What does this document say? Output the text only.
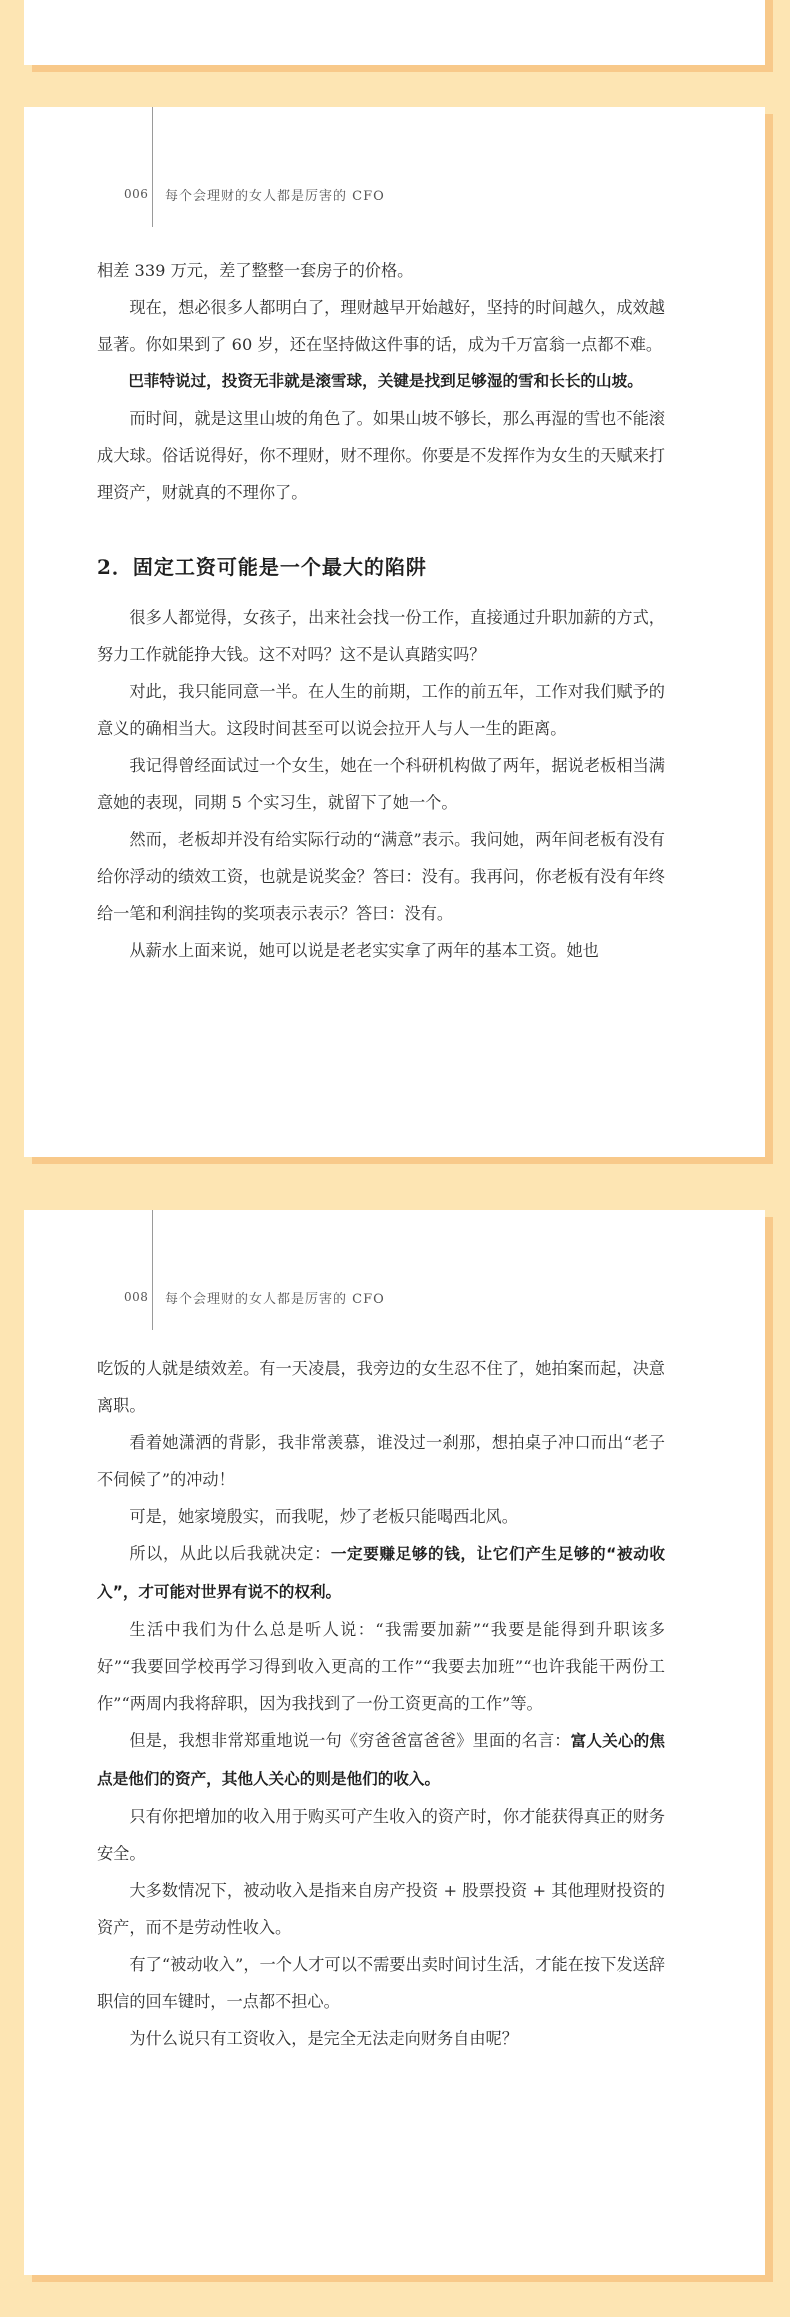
006 每个会理财的女人都是厉害的 CFO

相差 339 万元，差了整整一套房子的价格。

现在，想必很多人都明白了，理财越早开始越好，坚持的时间越久，成效越显著。你如果到了 60 岁，还在坚持做这件事的话，成为千万富翁一点都不难。

巴菲特说过，投资无非就是滚雪球，关键是找到足够湿的雪和长长的山坡。

而时间，就是这里山坡的角色了。如果山坡不够长，那么再湿的雪也不能滚成大球。俗话说得好，你不理财，财不理你。你要是不发挥作为女生的天赋来打理资产，财就真的不理你了。

2．固定工资可能是一个最大的陷阱

很多人都觉得，女孩子，出来社会找一份工作，直接通过升职加薪的方式，努力工作就能挣大钱。这不对吗？这不是认真踏实吗？

对此，我只能同意一半。在人生的前期，工作的前五年，工作对我们赋予的意义的确相当大。这段时间甚至可以说会拉开人与人一生的距离。

我记得曾经面试过一个女生，她在一个科研机构做了两年，据说老板相当满意她的表现，同期 5 个实习生，就留下了她一个。

然而，老板却并没有给实际行动的“满意”表示。我问她，两年间老板有没有给你浮动的绩效工资，也就是说奖金？答曰：没有。我再问，你老板有没有年终给一笔和利润挂钩的奖项表示表示？答曰：没有。

从薪水上面来说，她可以说是老老实实拿了两年的基本工资。她也

008 每个会理财的女人都是厉害的 CFO

吃饭的人就是绩效差。有一天凌晨，我旁边的女生忍不住了，她拍案而起，决意离职。

看着她潇洒的背影，我非常羡慕，谁没过一刹那，想拍桌子冲口而出“老子不伺候了”的冲动！

可是，她家境殷实，而我呢，炒了老板只能喝西北风。

所以，从此以后我就决定：一定要赚足够的钱，让它们产生足够的“被动收入”，才可能对世界有说不的权利。

生活中我们为什么总是听人说：“我需要加薪”“我要是能得到升职该多好”“我要回学校再学习得到收入更高的工作”“我要去加班”“也许我能干两份工作”“两周内我将辞职，因为我找到了一份工资更高的工作”等。

但是，我想非常郑重地说一句《穷爸爸富爸爸》里面的名言：富人关心的焦点是他们的资产，其他人关心的则是他们的收入。

只有你把增加的收入用于购买可产生收入的资产时，你才能获得真正的财务安全。

大多数情况下，被动收入是指来自房产投资 + 股票投资 + 其他理财投资的资产，而不是劳动性收入。

有了“被动收入”，一个人才可以不需要出卖时间讨生活，才能在按下发送辞职信的回车键时，一点都不担心。

为什么说只有工资收入，是完全无法走向财务自由呢？
